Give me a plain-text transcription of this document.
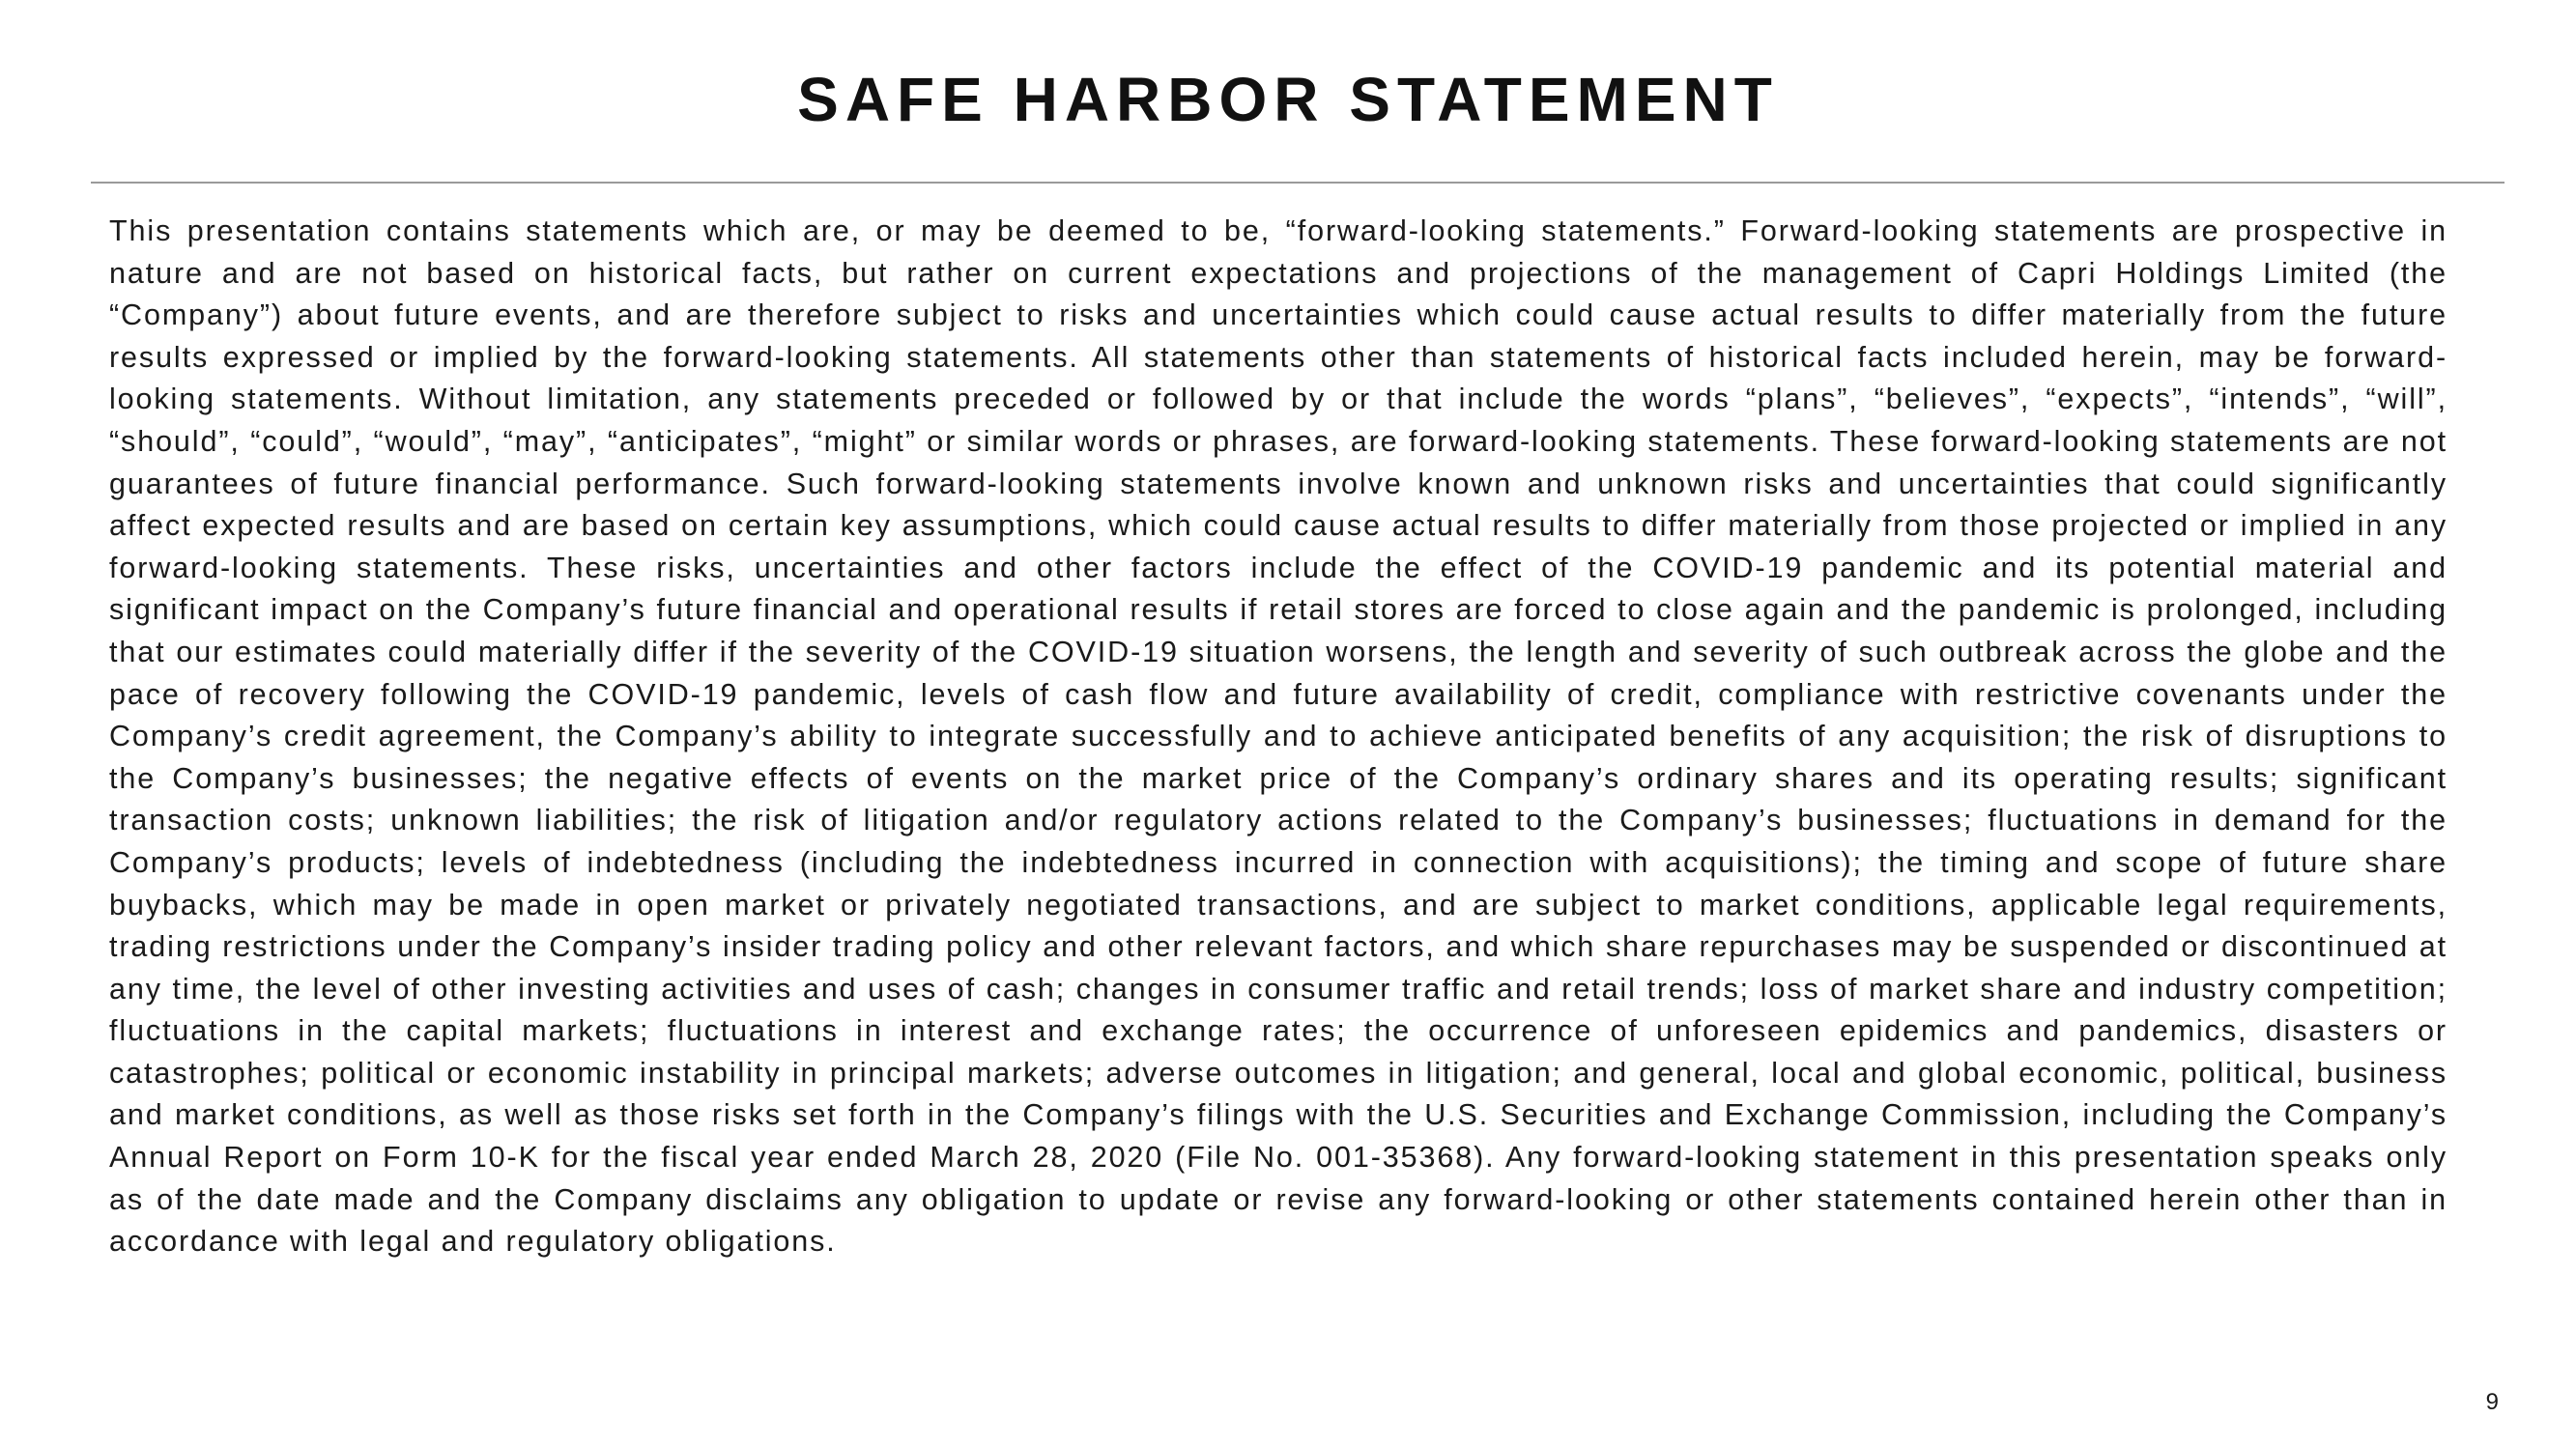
SAFE HARBOR STATEMENT

This presentation contains statements which are, or may be deemed to be, “forward-looking statements.” Forward-looking statements are prospective in nature and are not based on historical facts, but rather on current expectations and projections of the management of Capri Holdings Limited (the “Company”) about future events, and are therefore subject to risks and uncertainties which could cause actual results to differ materially from the future results expressed or implied by the forward-looking statements. All statements other than statements of historical facts included herein, may be forward-looking statements. Without limitation, any statements preceded or followed by or that include the words “plans”, “believes”, “expects”, “intends”, “will”, “should”, “could”, “would”, “may”, “anticipates”, “might” or similar words or phrases, are forward-looking statements. These forward-looking statements are not guarantees of future financial performance. Such forward-looking statements involve known and unknown risks and uncertainties that could significantly affect expected results and are based on certain key assumptions, which could cause actual results to differ materially from those projected or implied in any forward-looking statements. These risks, uncertainties and other factors include the effect of the COVID-19 pandemic and its potential material and significant impact on the Company’s future financial and operational results if retail stores are forced to close again and the pandemic is prolonged, including that our estimates could materially differ if the severity of the COVID-19 situation worsens, the length and severity of such outbreak across the globe and the pace of recovery following the COVID-19 pandemic, levels of cash flow and future availability of credit, compliance with restrictive covenants under the Company’s credit agreement, the Company’s ability to integrate successfully and to achieve anticipated benefits of any acquisition; the risk of disruptions to the Company’s businesses; the negative effects of events on the market price of the Company’s ordinary shares and its operating results; significant transaction costs; unknown liabilities; the risk of litigation and/or regulatory actions related to the Company’s businesses; fluctuations in demand for the Company’s products; levels of indebtedness (including the indebtedness incurred in connection with acquisitions); the timing and scope of future share buybacks, which may be made in open market or privately negotiated transactions, and are subject to market conditions, applicable legal requirements, trading restrictions under the Company’s insider trading policy and other relevant factors, and which share repurchases may be suspended or discontinued at any time, the level of other investing activities and uses of cash; changes in consumer traffic and retail trends; loss of market share and industry competition; fluctuations in the capital markets; fluctuations in interest and exchange rates; the occurrence of unforeseen epidemics and pandemics, disasters or catastrophes; political or economic instability in principal markets; adverse outcomes in litigation; and general, local and global economic, political, business and market conditions, as well as those risks set forth in the Company’s filings with the U.S. Securities and Exchange Commission, including the Company’s Annual Report on Form 10-K for the fiscal year ended March 28, 2020 (File No. 001-35368). Any forward-looking statement in this presentation speaks only as of the date made and the Company disclaims any obligation to update or revise any forward-looking or other statements contained herein other than in accordance with legal and regulatory obligations.

9
